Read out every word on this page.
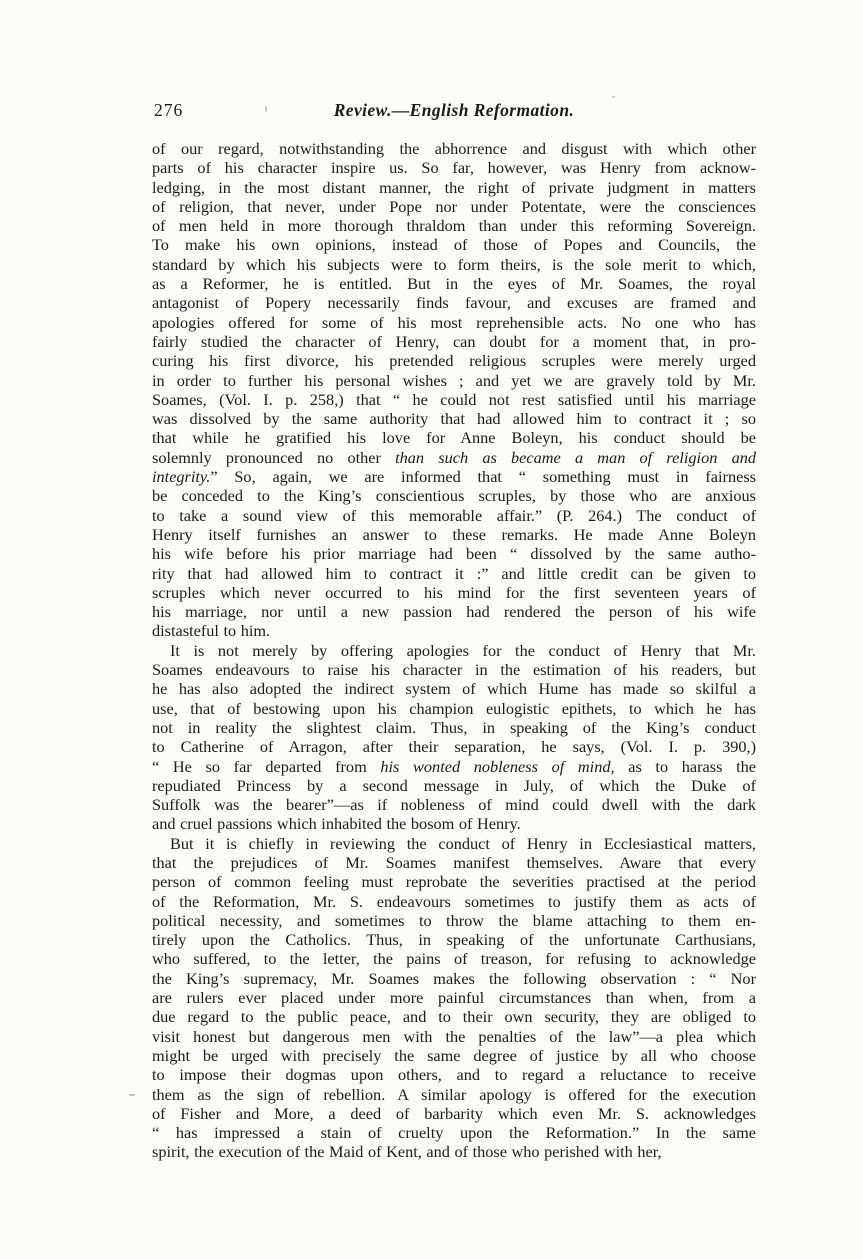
276	Review.—English Reformation.
of our regard, notwithstanding the abhorrence and disgust with which other
parts of his character inspire us. So far, however, was Henry from acknow-
ledging, in the most distant manner, the right of private judgment in matters
of religion, that never, under Pope nor under Potentate, were the consciences
of men held in more thorough thraldom than under this reforming Sovereign.
To make his own opinions, instead of those of Popes and Councils, the
standard by which his subjects were to form theirs, is the sole merit to which,
as a Reformer, he is entitled. But in the eyes of Mr. Soames, the royal
antagonist of Popery necessarily finds favour, and excuses are framed and
apologies offered for some of his most reprehensible acts. No one who has
fairly studied the character of Henry, can doubt for a moment that, in pro-
curing his first divorce, his pretended religious scruples were merely urged
in order to further his personal wishes ; and yet we are gravely told by Mr.
Soames, (Vol. I. p. 258,) that “ he could not rest satisfied until his marriage
was dissolved by the same authority that had allowed him to contract it ; so
that while he gratified his love for Anne Boleyn, his conduct should be
solemnly pronounced no other than such as became a man of religion and
integrity.” So, again, we are informed that “ something must in fairness
be conceded to the King’s conscientious scruples, by those who are anxious
to take a sound view of this memorable affair.” (P. 264.) The conduct of
Henry itself furnishes an answer to these remarks. He made Anne Boleyn
his wife before his prior marriage had been “ dissolved by the same autho-
rity that had allowed him to contract it :” and little credit can be given to
scruples which never occurred to his mind for the first seventeen years of
his marriage, nor until a new passion had rendered the person of his wife
distasteful to him.
It is not merely by offering apologies for the conduct of Henry that Mr.
Soames endeavours to raise his character in the estimation of his readers, but
he has also adopted the indirect system of which Hume has made so skilful a
use, that of bestowing upon his champion eulogistic epithets, to which he has
not in reality the slightest claim. Thus, in speaking of the King’s conduct
to Catherine of Arragon, after their separation, he says, (Vol. I. p. 390,)
“ He so far departed from his wonted nobleness of mind, as to harass the
repudiated Princess by a second message in July, of which the Duke of
Suffolk was the bearer”—as if nobleness of mind could dwell with the dark
and cruel passions which inhabited the bosom of Henry.
But it is chiefly in reviewing the conduct of Henry in Ecclesiastical matters,
that the prejudices of Mr. Soames manifest themselves. Aware that every
person of common feeling must reprobate the severities practised at the period
of the Reformation, Mr. S. endeavours sometimes to justify them as acts of
political necessity, and sometimes to throw the blame attaching to them en-
tirely upon the Catholics. Thus, in speaking of the unfortunate Carthusians,
who suffered, to the letter, the pains of treason, for refusing to acknowledge
the King’s supremacy, Mr. Soames makes the following observation : “ Nor
are rulers ever placed under more painful circumstances than when, from a
due regard to the public peace, and to their own security, they are obliged to
visit honest but dangerous men with the penalties of the law”—a plea which
might be urged with precisely the same degree of justice by all who choose
to impose their dogmas upon others, and to regard a reluctance to receive
them as the sign of rebellion. A similar apology is offered for the execution
of Fisher and More, a deed of barbarity which even Mr. S. acknowledges
“ has impressed a stain of cruelty upon the Reformation.” In the same
spirit, the execution of the Maid of Kent, and of those who perished with her,
